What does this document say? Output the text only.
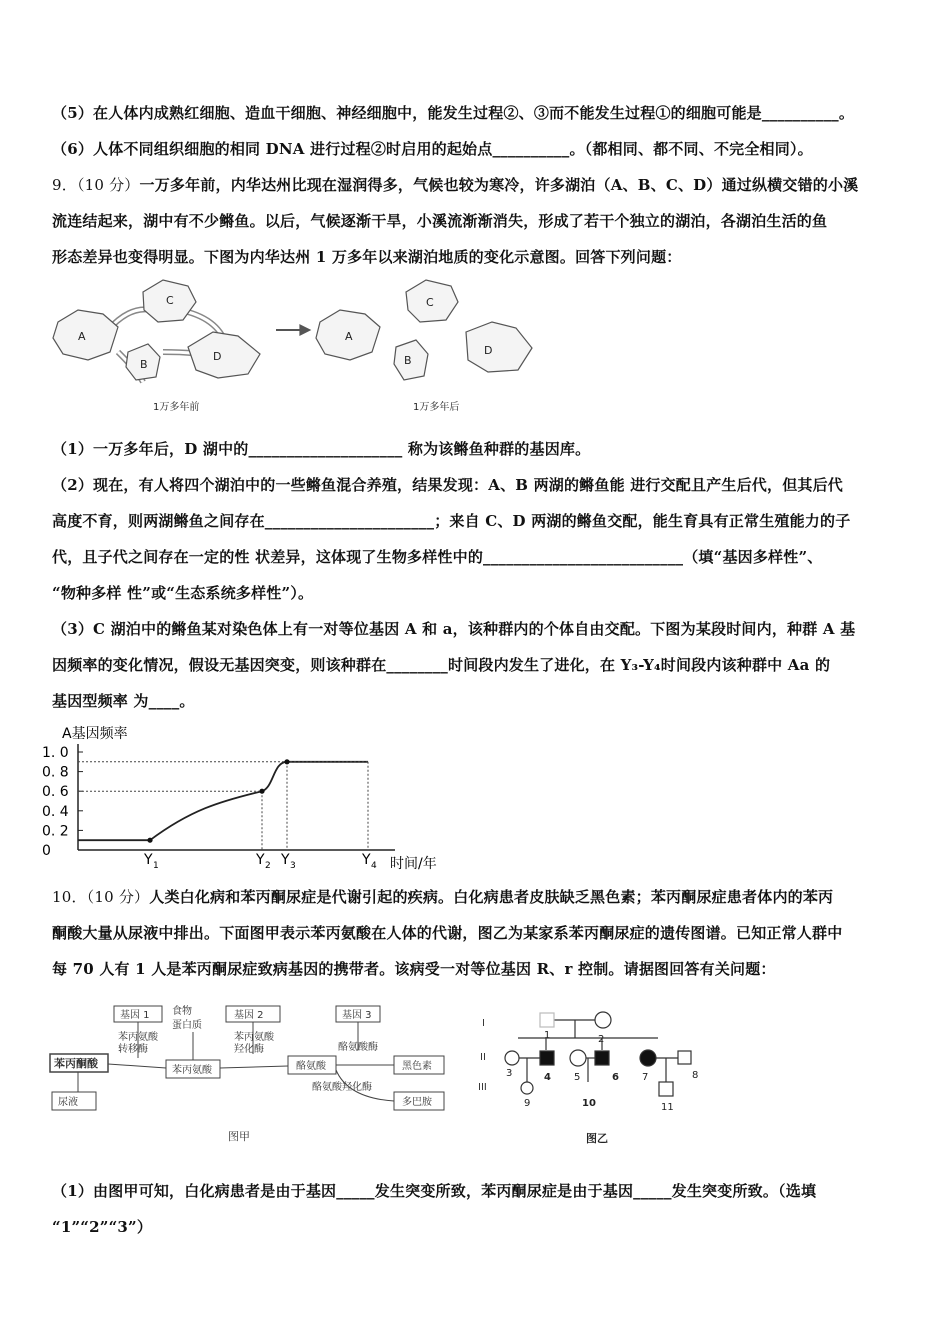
（5）在人体内成熟红细胞、造血干细胞、神经细胞中，能发生过程②、③而不能发生过程①的细胞可能是__________。
（6）人体不同组织细胞的相同 DNA 进行过程②时启用的起始点__________。（都相同、都不同、不完全相同）。
9．（10 分）一万多年前，内华达州比现在湿润得多，气候也较为寒冷，许多湖泊（A、B、C、D）通过纵横交错的小溪
流连结起来，湖中有不少鳉鱼。以后，气候逐渐干旱，小溪流渐渐消失，形成了若干个独立的湖泊，各湖泊生活的鱼
形态差异也变得明显。下图为内华达州 1 万多年以来湖泊地质的变化示意图。回答下列问题：
A
C
B
D
A
C
B
D
1万多年前	1万多年后
（1）一万多年后，D 湖中的____________________ 称为该鳉鱼种群的基因库。
（2）现在，有人将四个湖泊中的一些鳉鱼混合养殖，结果发现：A、B 两湖的鳉鱼能 进行交配且产生后代，但其后代
高度不育，则两湖鳉鱼之间存在______________________；来自 C、D 两湖的鳉鱼交配，能生育具有正常生殖能力的子
代，且子代之间存在一定的性 状差异，这体现了生物多样性中的__________________________（填“基因多样性”、
“物种多样 性”或“生态系统多样性”）。
（3）C 湖泊中的鳉鱼某对染色体上有一对等位基因 A 和 a，该种群内的个体自由交配。下图为某段时间内，种群 A 基
因频率的变化情况，假设无基因突变，则该种群在________时间段内发生了进化，在 Y₃-Y₄时间段内该种群中 Aa 的
基因型频率 为____。
A基因频率
时间/年
1. 0
0. 8
0. 6
0. 4
0. 2
0
Y 1	Y 2 Y 3	Y 4
10．（10 分）人类白化病和苯丙酮尿症是代谢引起的疾病。白化病患者皮肤缺乏黑色素；苯丙酮尿症患者体内的苯丙
酮酸大量从尿液中排出。下面图甲表示苯丙氨酸在人体的代谢，图乙为某家系苯丙酮尿症的遗传图谱。已知正常人群中
每 70 人有 1 人是苯丙酮尿症致病基因的携带者。该病受一对等位基因 R、r 控制。请据图回答有关问题：
基因 1 食物
蛋白质
基因 2	基因 3
苯丙氨酸
转移酶
苯丙氨酸
羟化酶	酪氨酸酶
苯丙酮酸
苯丙氨酸	酪氨酸	黑色素
尿液
酪氨酸羟化酶
多巴胺
图甲
I
II
III
1	2
3	4 5	6 7	8
9	10	11
图乙
（1）由图甲可知，白化病患者是由于基因_____发生突变所致，苯丙酮尿症是由于基因_____发生突变所致。（选填
“1”“2”“3”）
